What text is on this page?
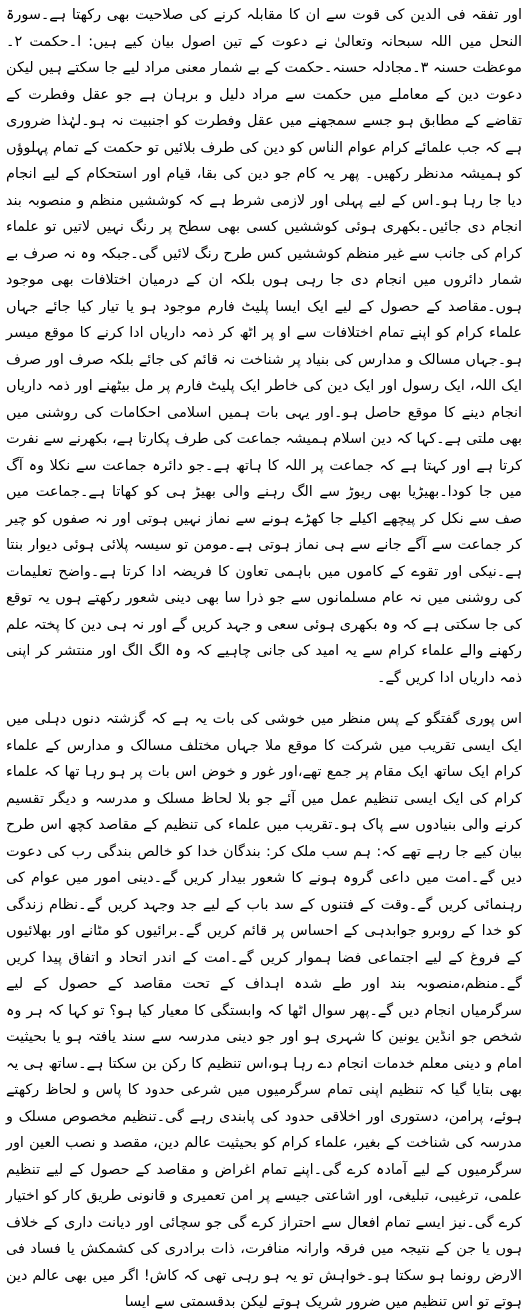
اور تفقہ فی الدین کی قوت سے ان کا مقابلہ کرنے کی صلاحیت بھی رکھتا ہے۔سورۃ النحل میں اللہ سبحانہ وتعالیٰ نے دعوت کے تین اصول بیان کیے ہیں: ا۔حکمت ۲۔موعظت حسنہ ۳۔مجادلہ حسنہ۔حکمت کے بے شمار معنی مراد لیے جا سکتے ہیں لیکن دعوت دین کے معاملے میں حکمت سے مراد دلیل و برہان ہے جو عقل وفطرت کے تقاضے کے مطابق ہو جسے سمجھنے میں عقل وفطرت کو اجنبیت نہ ہو۔لہٰذا ضروری ہے کہ جب علمائے کرام عوام الناس کو دین کی طرف بلائیں تو حکمت کے تمام پہلوؤں کو ہمیشہ مدنظر رکھیں۔ پھر یہ کام جو دین کی بقا، قیام اور استحکام کے لیے انجام دیا جا رہا ہو۔اس کے لیے پہلی اور لازمی شرط ہے کہ کوششیں منظم و منصوبہ بند انجام دی جائیں۔بکھری ہوئی کوششیں کسی بھی سطح پر رنگ نہیں لاتیں تو علماء کرام کی جانب سے غیر منظم کوششیں کس طرح رنگ لائیں گی۔جبکہ وہ نہ صرف بے شمار دائروں میں انجام دی جا رہی ہوں بلکہ ان کے درمیان اختلافات بھی موجود ہوں۔مقاصد کے حصول کے لیے ایک ایسا پلیٹ فارم موجود ہو یا تیار کیا جائے جہاں علماء کرام کو اپنے تمام اختلافات سے او پر اٹھ کر ذمہ داریاں ادا کرنے کا موقع میسر ہو۔جہاں مسالک و مدارس کی بنیاد پر شناخت نہ قائم کی جائے بلکہ صرف اور صرف ایک اللہ، ایک رسول اور ایک دین کی خاطر ایک پلیٹ فارم پر مل بیٹھنے اور ذمہ داریاں انجام دینے کا موقع حاصل ہو۔اور یہی بات ہمیں اسلامی احکامات کی روشنی میں بھی ملتی ہے۔کہا کہ دین اسلام ہمیشہ جماعت کی طرف پکارتا ہے، بکھرنے سے نفرت کرتا ہے اور کہتا ہے کہ جماعت پر اللہ کا ہاتھ ہے۔جو دائرہ جماعت سے نکلا وہ آگ میں جا کودا۔بھیڑیا بھی ریوڑ سے الگ رہنے والی بھیڑ ہی کو کھاتا ہے۔جماعت میں صف سے نکل کر پیچھے اکیلے جا کھڑے ہونے سے نماز نہیں ہوتی اور نہ صفوں کو چیر کر جماعت سے آگے جانے سے ہی نماز ہوتی ہے۔مومن تو سیسہ پلائی ہوئی دیوار بنتا ہے۔نیکی اور تقوے کے کاموں میں باہمی تعاون کا فریضہ ادا کرتا ہے۔واضح تعلیمات کی روشنی میں نہ عام مسلمانوں سے جو ذرا سا بھی دینی شعور رکھتے ہوں یہ توقع کی جا سکتی ہے کہ وہ بکھری ہوئی سعی و جہد کریں گے اور نہ ہی دین کا پختہ علم رکھنے والے علماء کرام سے یہ امید کی جانی چاہیے کہ وہ الگ الگ اور منتشر کر اپنی ذمہ داریاں ادا کریں گے۔

اس پوری گفتگو کے پس منظر میں خوشی کی بات یہ ہے کہ گزشتہ دنوں دہلی میں ایک ایسی تقریب میں شرکت کا موقع ملا جہاں مختلف مسالک و مدارس کے علماء کرام ایک ساتھ ایک مقام پر جمع تھے،اور غور و خوض اس بات پر ہو رہا تھا کہ علماء کرام کی ایک ایسی تنظیم عمل میں آئے جو بلا لحاظ مسلک و مدرسہ و دیگر تقسیم کرنے والی بنیادوں سے پاک ہو۔تقریب میں علماء کی تنظیم کے مقاصد کچھ اس طرح بیان کیے جا رہے تھے کہ: ہم سب ملک کر: بندگان خدا کو خالص بندگی رب کی دعوت دیں گے۔امت میں داعی گروہ ہونے کا شعور بیدار کریں گے۔دینی امور میں عوام کی رہنمائی کریں گے۔وقت کے فتنوں کے سد باب کے لیے جد وجہد کریں گے۔نظام زندگی کو خدا کے روبرو جوابدہی کے احساس پر قائم کریں گے۔برائیوں کو مٹانے اور بھلائیوں کے فروغ کے لیے اجتماعی فضا ہموار کریں گے۔امت کے اندر اتحاد و اتفاق پیدا کریں گے۔منظم،منصوبہ بند اور طے شدہ اہداف کے تحت مقاصد کے حصول کے لیے سرگرمیاں انجام دیں گے۔پھر سوال اٹھا کہ وابستگی کا معیار کیا ہو؟ تو کہا کہ ہر وہ شخص جو انڈین یونین کا شہری ہو اور جو دینی مدرسہ سے سند یافتہ ہو یا بحیثیت امام و دینی معلم خدمات انجام دے رہا ہو،اس تنظیم کا رکن بن سکتا ہے۔ساتھ ہی یہ بھی بتایا گیا کہ تنظیم اپنی تمام سرگرمیوں میں شرعی حدود کا پاس و لحاظ رکھتے ہوئے، پرامن، دستوری اور اخلاقی حدود کی پابندی رہے گی۔تنظیم مخصوص مسلک و مدرسہ کی شناخت کے بغیر، علماء کرام کو بحیثیت عالم دین، مقصد و نصب العین اور سرگرمیوں کے لیے آمادہ کرے گی۔اپنے تمام اغراض و مقاصد کے حصول کے لیے تنظیم علمی، ترغیبی، تبلیغی، اور اشاعتی جیسے پر امن تعمیری و قانونی طریق کار کو اختیار کرے گی۔نیز ایسے تمام افعال سے احتراز کرے گی جو سچائی اور دیانت داری کے خلاف ہوں یا جن کے نتیجہ میں فرقہ وارانہ منافرت، ذات برادری کی کشمکش یا فساد فی الارض رونما ہو سکتا ہو۔خواہش تو یہ ہو رہی تھی کہ کاش! اگر میں بھی عالم دین ہوتے تو اس تنظیم میں ضرور شریک ہوتے لیکن بدقسمتی سے ایسا
